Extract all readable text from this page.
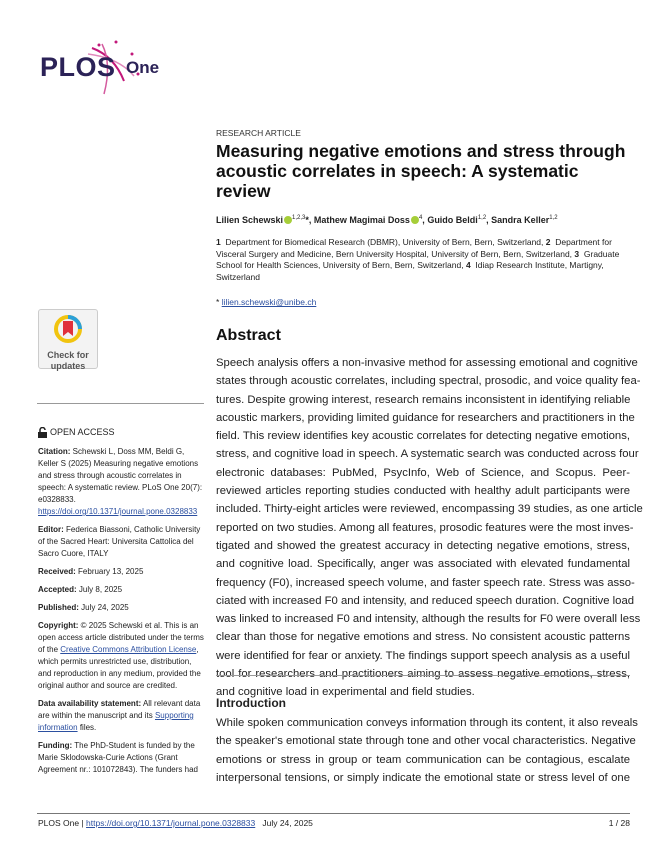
PLOS One
Check for
updates
OPEN ACCESS

Citation: Schewski L, Doss MM, Beldi G, Keller S (2025) Measuring negative emotions and stress through acoustic correlates in speech: A systematic review. PLoS One 20(7): e0328833. https://doi.org/10.1371/journal.pone.0328833

Editor: Federica Biassoni, Catholic University of the Sacred Heart: Universita Cattolica del Sacro Cuore, ITALY

Received: February 13, 2025

Accepted: July 8, 2025

Published: July 24, 2025

Copyright: © 2025 Schewski et al. This is an open access article distributed under the terms of the Creative Commons Attribution License, which permits unrestricted use, distribution, and reproduction in any medium, provided the original author and source are credited.

Data availability statement: All relevant data are within the manuscript and its Supporting information files.

Funding: The PhD-Student is funded by the Marie Sklodowska-Curie Actions (Grant Agreement nr.: 101072843). The funders had

RESEARCH ARTICLE
Measuring negative emotions and stress through acoustic correlates in speech: A systematic review
Lilien Schewski $^{1,2,3}$*, Mathew Magimai Doss $^4$, Guido Beldi$^{1,2}$, Sandra Keller$^{1,2}$
1 Department for Biomedical Research (DBMR), University of Bern, Bern, Switzerland, 2 Department for Visceral Surgery and Medicine, Bern University Hospital, University of Bern, Bern, Switzerland, 3 Graduate School for Health Sciences, University of Bern, Bern, Switzerland, 4 Idiap Research Institute, Martigny, Switzerland
* lilien.schewski@unibe.ch
Abstract
Speech analysis offers a non-invasive method for assessing emotional and cognitive
states through acoustic correlates, including spectral, prosodic, and voice quality fea-
tures. Despite growing interest, research remains inconsistent in identifying reliable
acoustic markers, providing limited guidance for researchers and practitioners in the
field. This review identifies key acoustic correlates for detecting negative emotions,
stress, and cognitive load in speech. A systematic search was conducted across four
electronic databases: PubMed, PsycInfo, Web of Science, and Scopus. Peer-
reviewed articles reporting studies conducted with healthy adult participants were
included. Thirty-eight articles were reviewed, encompassing 39 studies, as one article
reported on two studies. Among all features, prosodic features were the most inves-
tigated and showed the greatest accuracy in detecting negative emotions, stress,
and cognitive load. Specifically, anger was associated with elevated fundamental
frequency (F0), increased speech volume, and faster speech rate. Stress was asso-
ciated with increased F0 and intensity, and reduced speech duration. Cognitive load
was linked to increased F0 and intensity, although the results for F0 were overall less
clear than those for negative emotions and stress. No consistent acoustic patterns
were identified for fear or anxiety. The findings support speech analysis as a useful
and cognitive load in experimental and field studies.
Introduction
While spoken communication conveys information through its content, it also reveals
the speaker's emotional state through tone and other vocal characteristics. Negative
emotions or stress in group or team communication can be contagious, escalate
interpersonal tensions, or simply indicate the emotional state or stress level of one
PLOS One | https://doi.org/10.1371/journal.pone.0328833 July 24, 2025	1 / 28
